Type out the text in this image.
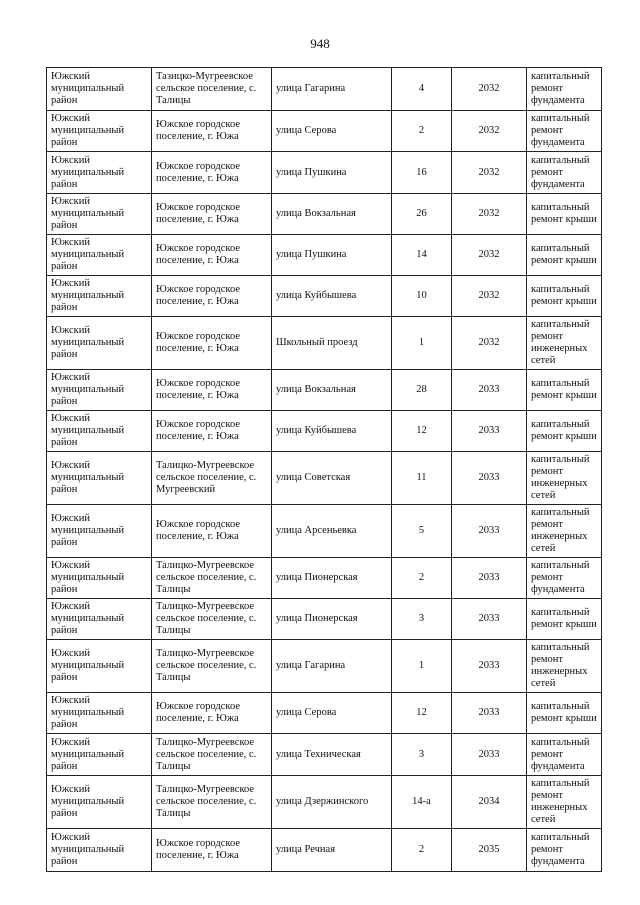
948
Южский муниципальный район	Тазицко-Мугреевское сельское поселение, с. Талицы	улица Гагарина	4	2032	капитальный ремонт фундамента
Южский муниципальный район	Южское городское поселение, г. Южа	улица Серова	2	2032	капитальный ремонт фундамента
Южский муниципальный район	Южское городское поселение, г. Южа	улица Пушкина	16	2032	капитальный ремонт фундамента
Южский муниципальный район	Южское городское поселение, г. Южа	улица Вокзальная	26	2032	капитальный ремонт крыши
Южский муниципальный район	Южское городское поселение, г. Южа	улица Пушкина	14	2032	капитальный ремонт крыши
Южский муниципальный район	Южское городское поселение, г. Южа	улица Куйбышева	10	2032	капитальный ремонт крыши
Южский муниципальный район	Южское городское поселение, г. Южа	Школьный проезд	1	2032	капитальный ремонт инженерных сетей
Южский муниципальный район	Южское городское поселение, г. Южа	улица Вокзальная	28	2033	капитальный ремонт крыши
Южский муниципальный район	Южское городское поселение, г. Южа	улица Куйбышева	12	2033	капитальный ремонт крыши
Южский муниципальный район	Талицко-Мугреевское сельское поселение, с. Мугреевский	улица Советская	11	2033	капитальный ремонт инженерных сетей
Южский муниципальный район	Южское городское поселение, г. Южа	улица Арсеньевка	5	2033	капитальный ремонт инженерных сетей
Южский муниципальный район	Талицко-Мугреевское сельское поселение, с. Талицы	улица Пионерская	2	2033	капитальный ремонт фундамента
Южский муниципальный район	Талицко-Мугреевское сельское поселение, с. Талицы	улица Пионерская	3	2033	капитальный ремонт крыши
Южский муниципальный район	Талицко-Мугреевское сельское поселение, с. Талицы	улица Гагарина	1	2033	капитальный ремонт инженерных сетей
Южский муниципальный район	Южское городское поселение, г. Южа	улица Серова	12	2033	капитальный ремонт крыши
Южский муниципальный район	Талицко-Мугреевское сельское поселение, с. Талицы	улица Техническая	3	2033	капитальный ремонт фундамента
Южский муниципальный район	Талицко-Мугреевское сельское поселение, с. Талицы	улица Дзержинского	14-а	2034	капитальный ремонт инженерных сетей
Южский муниципальный район	Южское городское поселение, г. Южа	улица Речная	2	2035	капитальный ремонт фундамента
